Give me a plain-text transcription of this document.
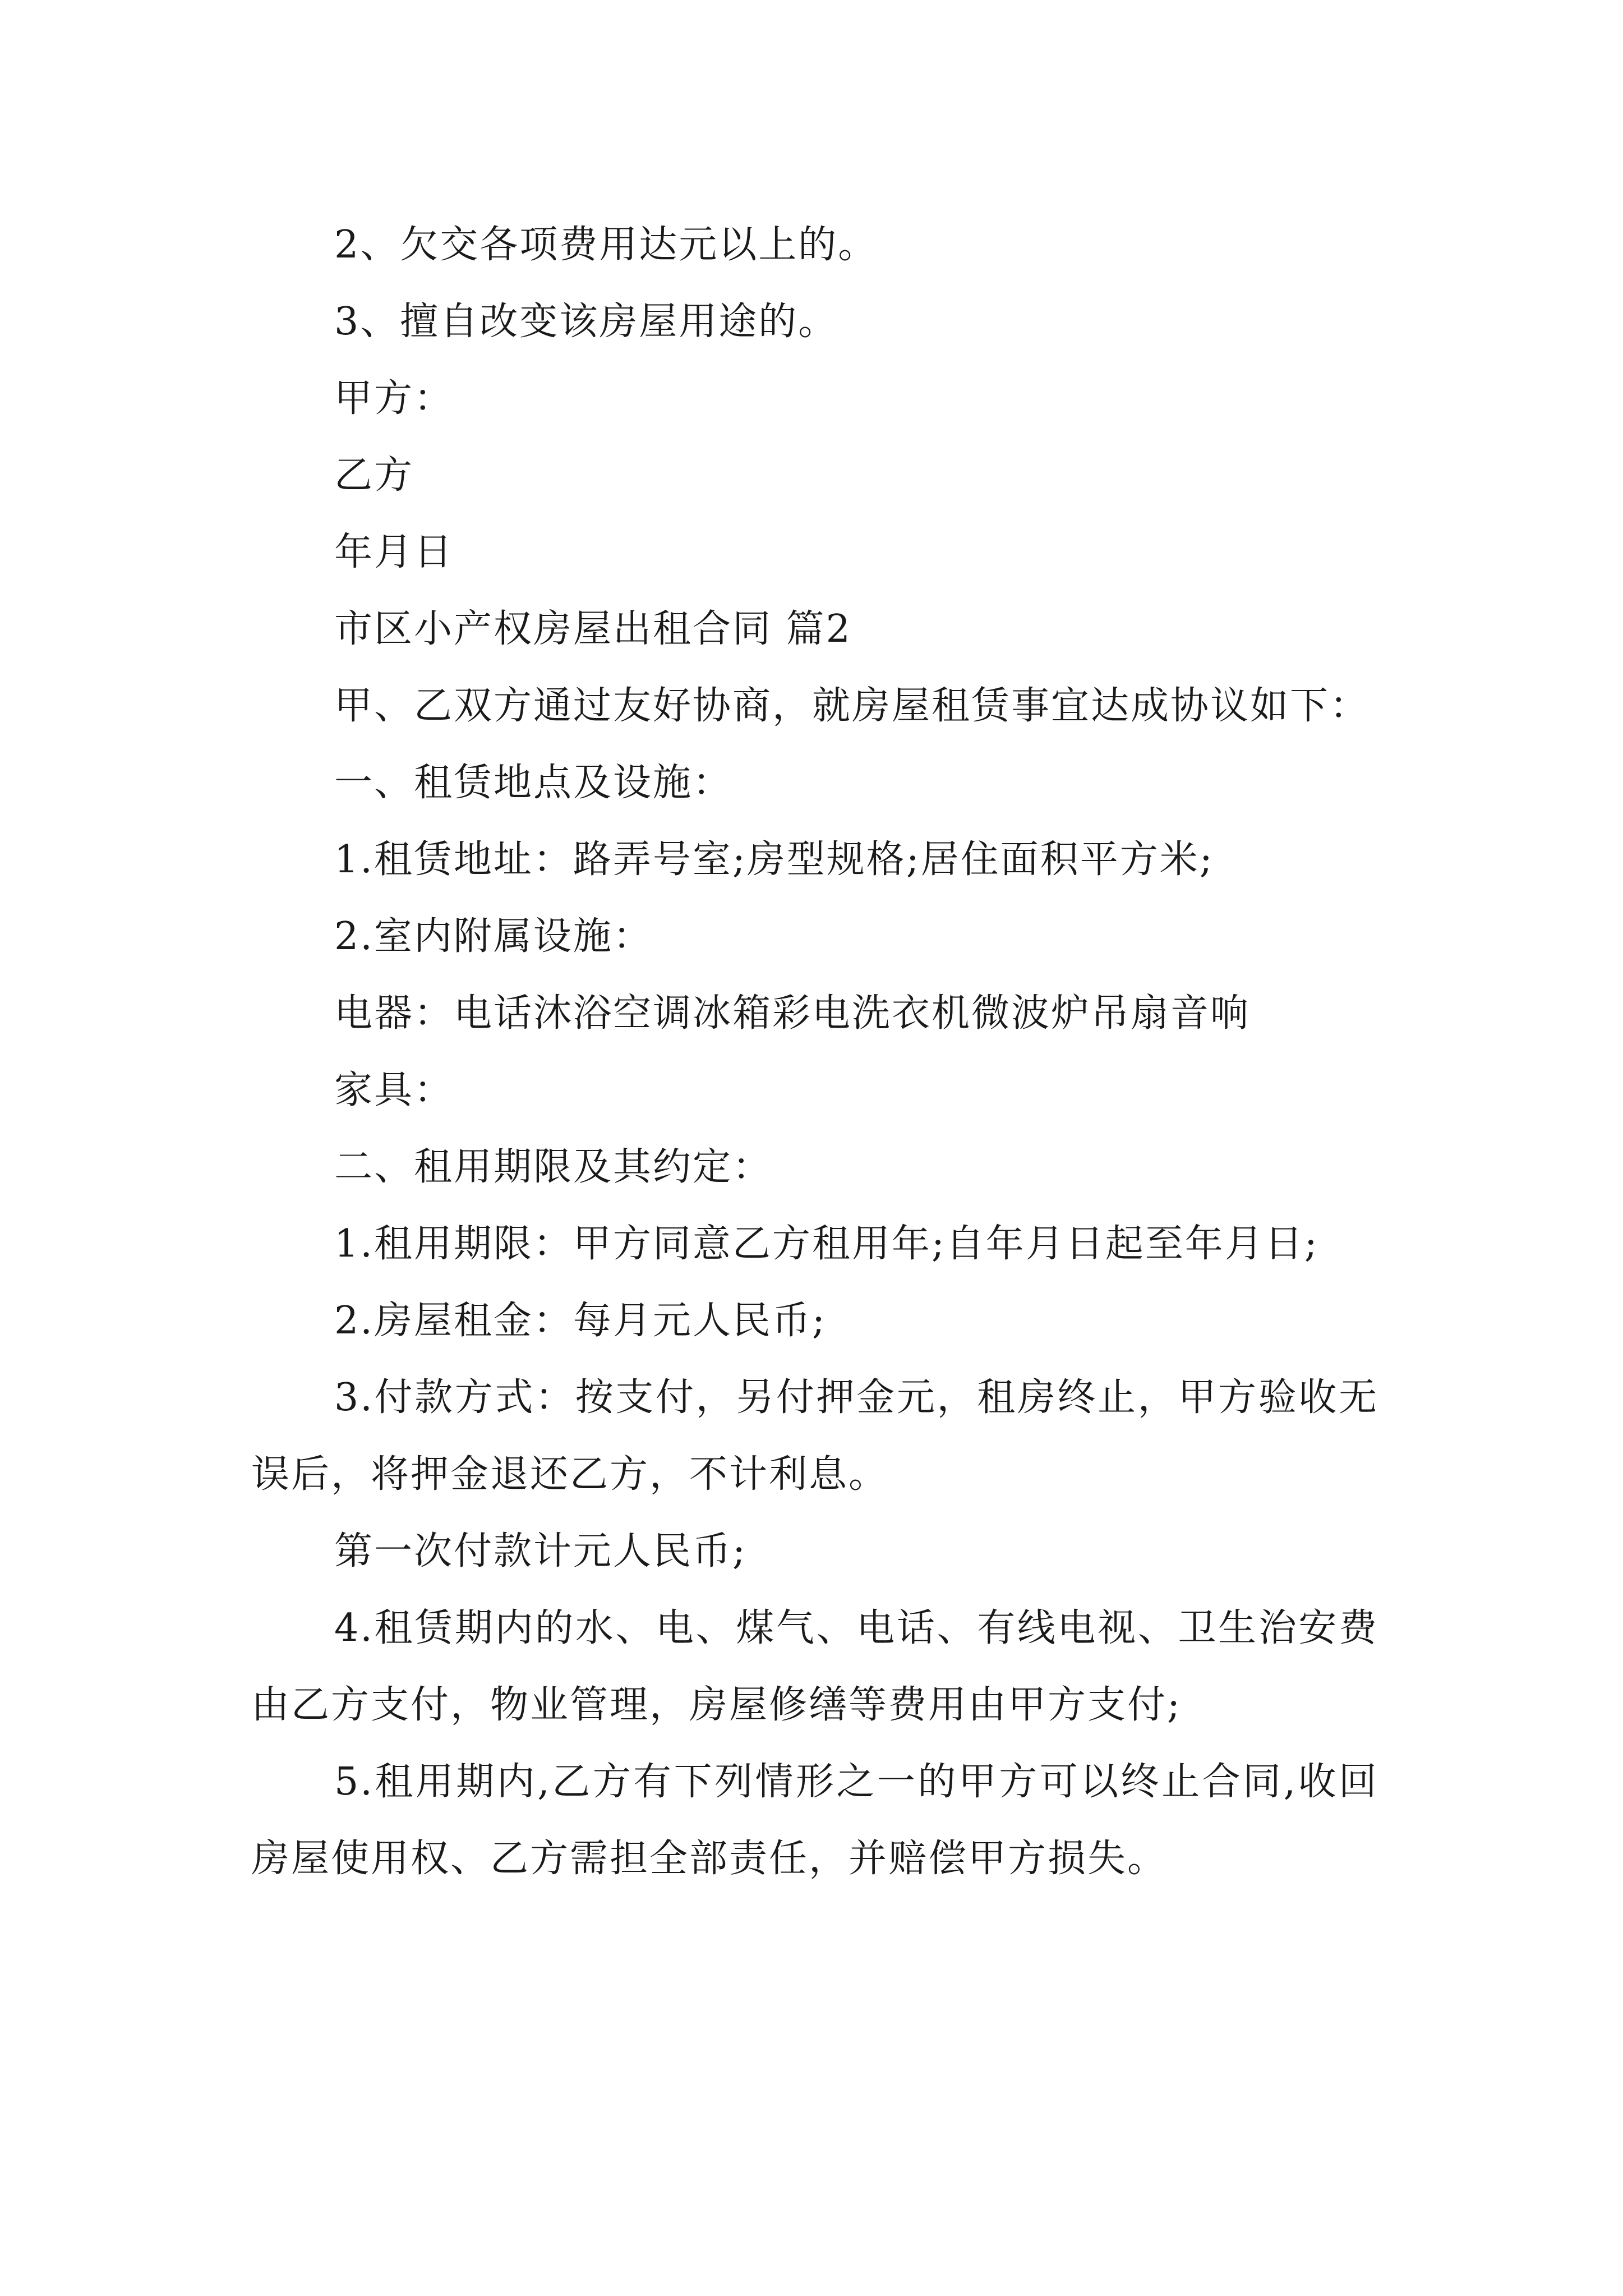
2、欠交各项费用达元以上的。

3、擅自改变该房屋用途的。

甲方：

乙方

年月日

市区小产权房屋出租合同 篇2

甲、乙双方通过友好协商，就房屋租赁事宜达成协议如下：

一、租赁地点及设施：

1.租赁地址：路弄号室;房型规格;居住面积平方米;

2.室内附属设施：

电器：电话沐浴空调冰箱彩电洗衣机微波炉吊扇音响

家具：

二、租用期限及其约定：

1.租用期限：甲方同意乙方租用年;自年月日起至年月日;

2.房屋租金：每月元人民币;

3.付款方式：按支付，另付押金元，租房终止，甲方验收无误后，将押金退还乙方，不计利息。

第一次付款计元人民币;

4.租赁期内的水、电、煤气、电话、有线电视、卫生治安费由乙方支付，物业管理，房屋修缮等费用由甲方支付;

5.租用期内,乙方有下列情形之一的甲方可以终止合同,收回房屋使用权、乙方需担全部责任，并赔偿甲方损失。
